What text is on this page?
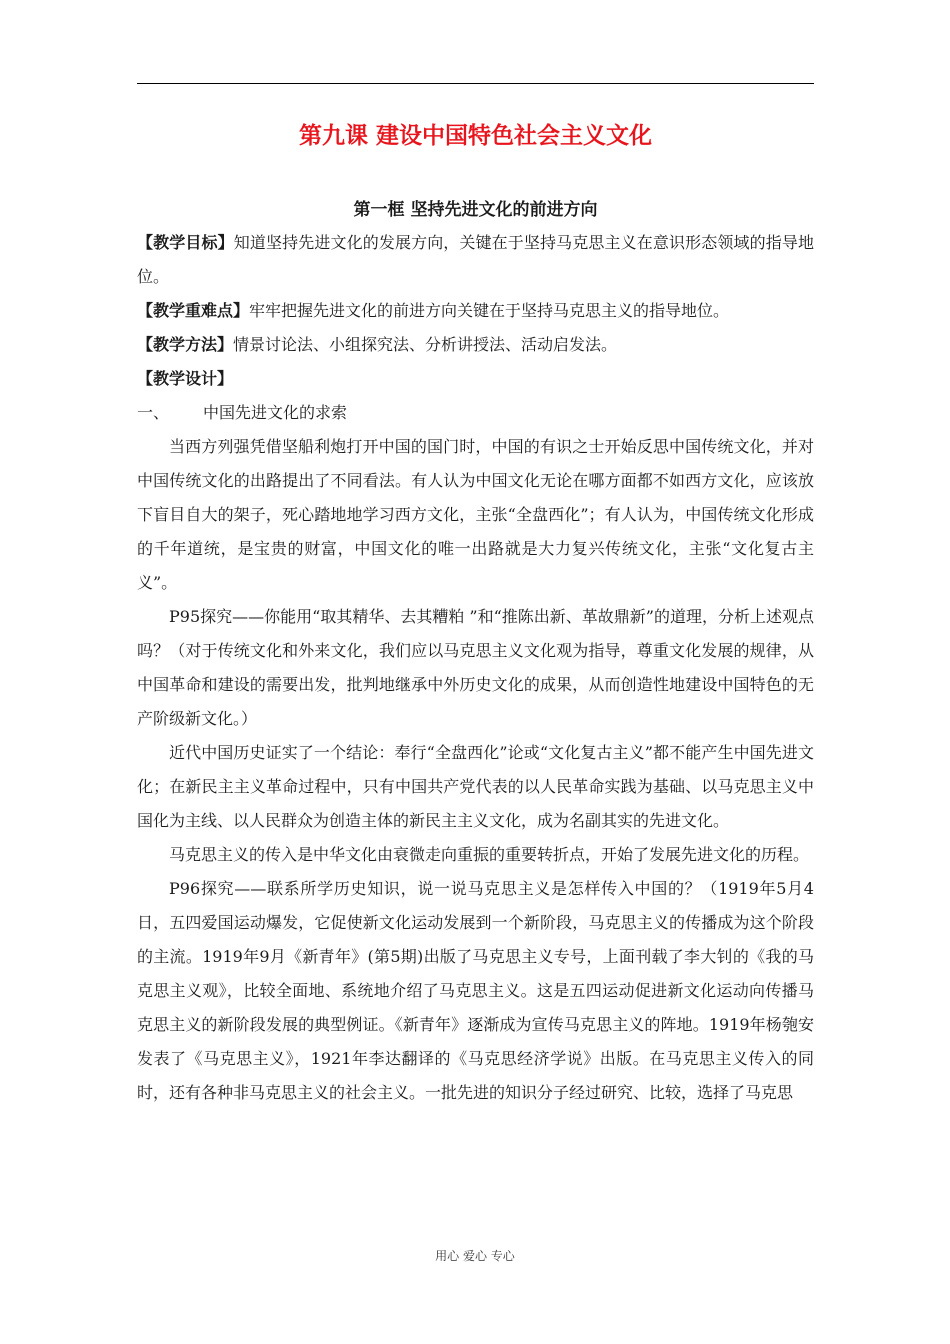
第九课 建设中国特色社会主义文化
第一框 坚持先进文化的前进方向

【教学目标】知道坚持先进文化的发展方向，关键在于坚持马克思主义在意识形态领域的指导地位。

【教学重难点】牢牢把握先进文化的前进方向关键在于坚持马克思主义的指导地位。

【教学方法】情景讨论法、小组探究法、分析讲授法、活动启发法。

【教学设计】

一、	中国先进文化的求索

当西方列强凭借坚船利炮打开中国的国门时，中国的有识之士开始反思中国传统文化，并对中国传统文化的出路提出了不同看法。有人认为中国文化无论在哪方面都不如西方文化，应该放下盲目自大的架子，死心踏地地学习西方文化，主张“全盘西化”；有人认为，中国传统文化形成的千年道统，是宝贵的财富，中国文化的唯一出路就是大力复兴传统文化，主张“文化复古主义”。

P95探究——你能用“取其精华、去其糟粕 ”和“推陈出新、革故鼎新”的道理，分析上述观点吗？（对于传统文化和外来文化，我们应以马克思主义文化观为指导，尊重文化发展的规律，从中国革命和建设的需要出发，批判地继承中外历史文化的成果，从而创造性地建设中国特色的无产阶级新文化。）

近代中国历史证实了一个结论：奉行“全盘西化”论或“文化复古主义”都不能产生中国先进文化；在新民主主义革命过程中，只有中国共产党代表的以人民革命实践为基础、以马克思主义中国化为主线、以人民群众为创造主体的新民主主义文化，成为名副其实的先进文化。

马克思主义的传入是中华文化由衰微走向重振的重要转折点，开始了发展先进文化的历程。

P96探究——联系所学历史知识，说一说马克思主义是怎样传入中国的？（1919年5月4日，五四爱国运动爆发，它促使新文化运动发展到一个新阶段，马克思主义的传播成为这个阶段的主流。1919年9月《新青年》(第5期)出版了马克思主义专号，上面刊载了李大钊的《我的马克思主义观》，比较全面地、系统地介绍了马克思主义。这是五四运动促进新文化运动向传播马克思主义的新阶段发展的典型例证。《新青年》逐渐成为宣传马克思主义的阵地。1919年杨匏安发表了《马克思主义》，1921年李达翻译的《马克思经济学说》出版。在马克思主义传入的同时，还有各种非马克思主义的社会主义。一批先进的知识分子经过研究、比较，选择了马克思

用心 爱心 专心
